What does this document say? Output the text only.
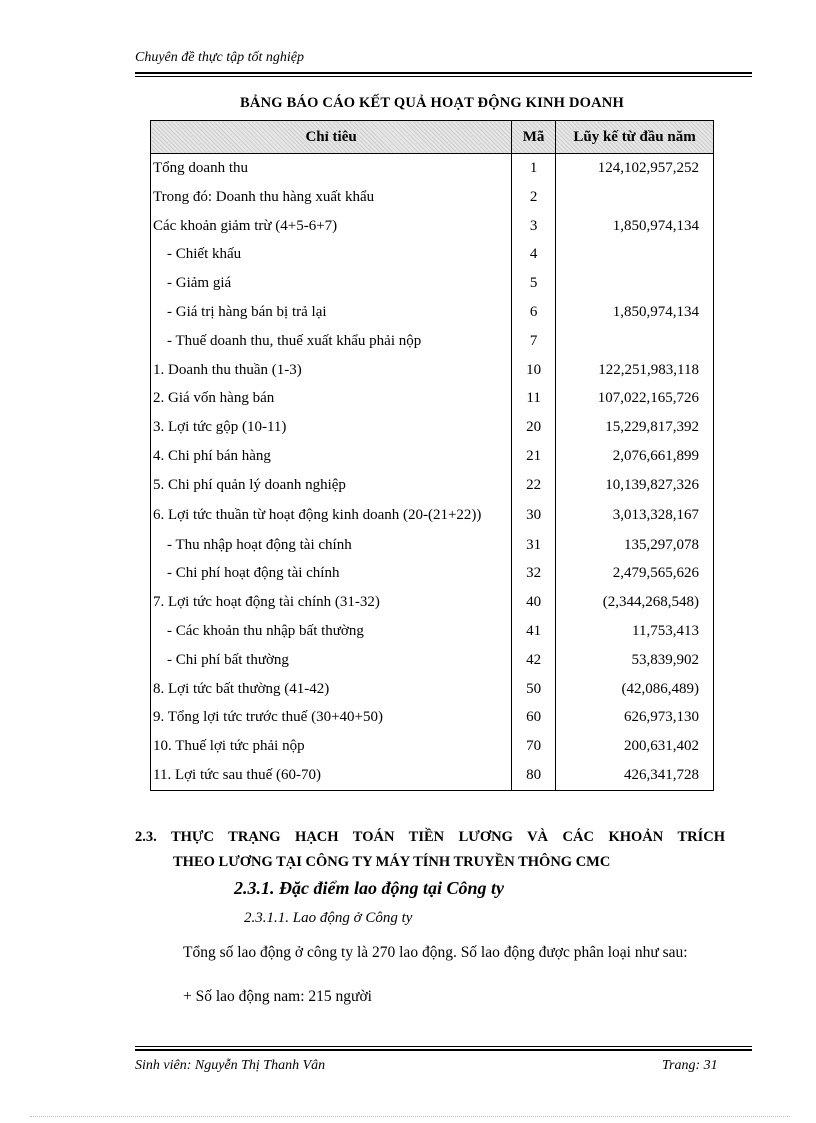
Chuyên đề thực tập tốt nghiệp
BẢNG BÁO CÁO KẾT QUẢ HOẠT ĐỘNG KINH DOANH
Chỉ tiêu	Mã	Lũy kế từ đầu năm
Tổng doanh thu	1	124,102,957,252
Trong đó: Doanh thu hàng xuất khẩu	2	
Các khoản giảm trừ (4+5-6+7)	3	1,850,974,134
- Chiết khấu	4	
- Giảm giá	5	
- Giá trị hàng bán bị trả lại	6	1,850,974,134
- Thuế doanh thu, thuế xuất khẩu phải nộp	7	
1. Doanh thu thuần (1-3)	10	122,251,983,118
2. Giá vốn hàng bán	11	107,022,165,726
3. Lợi tức gộp (10-11)	20	15,229,817,392
4. Chi phí bán hàng	21	2,076,661,899
5. Chi phí quản lý doanh nghiệp	22	10,139,827,326
6. Lợi tức thuần từ hoạt động kinh doanh (20-(21+22))	30	3,013,328,167
- Thu nhập hoạt động tài chính	31	135,297,078
- Chi phí hoạt động tài chính	32	2,479,565,626
7. Lợi tức hoạt động tài chính (31-32)	40	(2,344,268,548)
- Các khoản thu nhập bất thường	41	11,753,413
- Chi phí bất thường	42	53,839,902
8. Lợi tức bất thường (41-42)	50	(42,086,489)
9. Tổng lợi tức trước thuế (30+40+50)	60	626,973,130
10. Thuế lợi tức phải nộp	70	200,631,402
11. Lợi tức sau thuế (60-70)	80	426,341,728
2.3. THỰC TRẠNG HẠCH TOÁN TIỀN LƯƠNG VÀ CÁC KHOẢN TRÍCH
THEO LƯƠNG TẠI CÔNG TY MÁY TÍNH TRUYỀN THÔNG CMC
2.3.1. Đặc điểm lao động tại Công ty
2.3.1.1. Lao động ở Công ty
Tổng số lao động ở công ty là 270 lao động. Số lao động được phân loại như sau:
+ Số lao động nam: 215 người
Sinh viên: Nguyễn Thị Thanh Vân	Trang: 31
